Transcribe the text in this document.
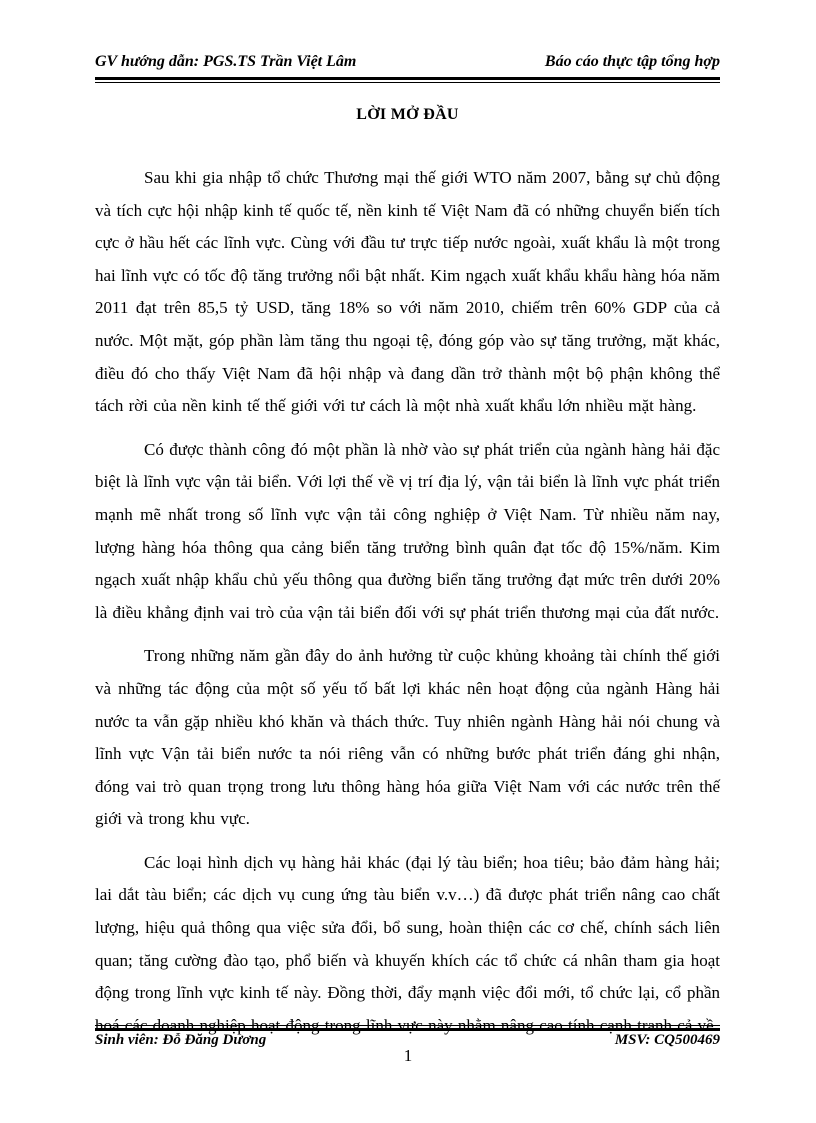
GV hướng dẫn: PGS.TS Trần Việt Lâm	Báo cáo thực tập tổng hợp
LỜI MỞ ĐẦU

Sau khi gia nhập tổ chức Thương mại thế giới WTO năm 2007, bằng sự chủ động và tích cực hội nhập kinh tế quốc tế, nền kinh tế Việt Nam đã có những chuyển biến tích cực ở hầu hết các lĩnh vực. Cùng với đầu tư trực tiếp nước ngoài, xuất khẩu là một trong hai lĩnh vực có tốc độ tăng trưởng nổi bật nhất. Kim ngạch xuất khẩu khẩu hàng hóa năm 2011 đạt trên 85,5 tỷ USD, tăng 18% so với năm 2010, chiếm trên 60% GDP của cả nước. Một mặt, góp phần làm tăng thu ngoại tệ, đóng góp vào sự tăng trưởng, mặt khác, điều đó cho thấy Việt Nam đã hội nhập và đang dần trở thành một bộ phận không thể tách rời của nền kinh tế thế giới với tư cách là một nhà xuất khẩu lớn nhiều mặt hàng.

Có được thành công đó một phần là nhờ vào sự phát triển của ngành hàng hải đặc biệt là lĩnh vực vận tải biển. Với lợi thế về vị trí địa lý, vận tải biển là lĩnh vực phát triển mạnh mẽ nhất trong số lĩnh vực vận tải công nghiệp ở Việt Nam. Từ nhiều năm nay, lượng hàng hóa thông qua cảng biển tăng trưởng bình quân đạt tốc độ 15%/năm. Kim ngạch xuất nhập khẩu chủ yếu thông qua đường biển tăng trưởng đạt mức trên dưới 20% là điều khẳng định vai trò của vận tải biển đối với sự phát triển thương mại của đất nước.

Trong những năm gần đây do ảnh hưởng từ cuộc khủng khoảng tài chính thế giới và những tác động của một số yếu tố bất lợi khác nên hoạt động của ngành Hàng hải nước ta vẫn gặp nhiều khó khăn và thách thức. Tuy nhiên ngành Hàng hải nói chung và lĩnh vực Vận tải biển nước ta nói riêng vẫn có những bước phát triển đáng ghi nhận, đóng vai trò quan trọng trong lưu thông hàng hóa giữa Việt Nam với các nước trên thế giới và trong khu vực.

Các loại hình dịch vụ hàng hải khác (đại lý tàu biển; hoa tiêu; bảo đảm hàng hải; lai dắt tàu biển; các dịch vụ cung ứng tàu biển v.v…) đã được phát triển nâng cao chất lượng, hiệu quả thông qua việc sửa đổi, bổ sung, hoàn thiện các cơ chế, chính sách liên quan; tăng cường đào tạo, phổ biến và khuyến khích các tổ chức cá nhân tham gia hoạt động trong lĩnh vực kinh tế này. Đồng thời, đẩy mạnh việc đổi mới, tổ chức lại, cổ phần

Sinh viên: Đỗ Đăng Dương	MSV: CQ500469
1
